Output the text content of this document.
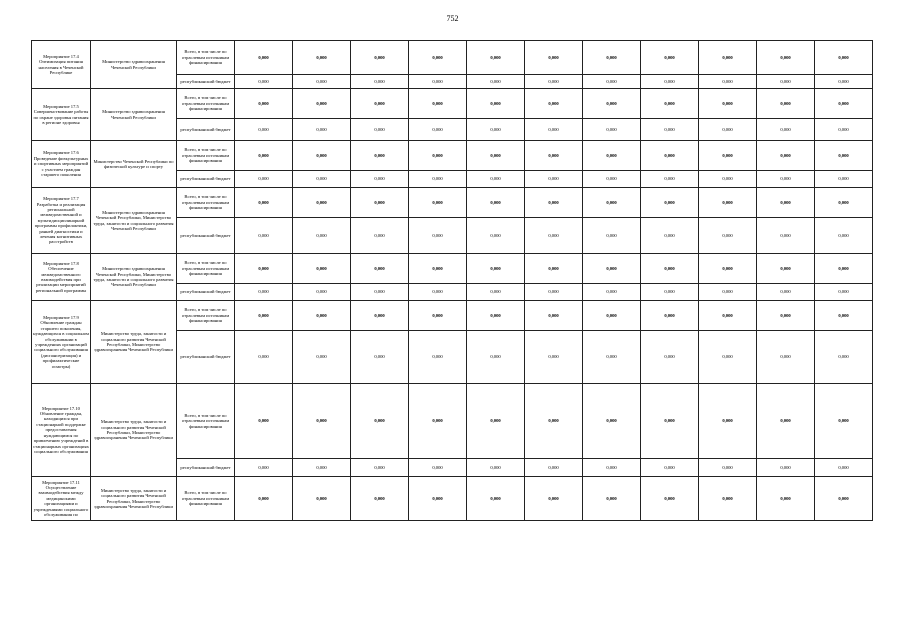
752
Мероприятие 17.4 Оптимизация питания населения в Чеченской Республике	Министерство здравоохранения Чеченской Республики	Всего, в том числе по отраслевым источникам финансирования	0,000	0,000	0,000	0,000	0,000	0,000	0,000	0,000	0,000	0,000	0,000
		республиканский бюджет	0,000	0,000	0,000	0,000	0,000	0,000	0,000	0,000	0,000	0,000	0,000
Мероприятие 17.5 Совершенствование работы по охране здоровья питания в регионе здоровья	Министерство здравоохранения Чеченской Республики	Всего, в том числе по отраслевым источникам финансирования	0,000	0,000	0,000	0,000	0,000	0,000	0,000	0,000	0,000	0,000	0,000
		республиканский бюджет	0,000	0,000	0,000	0,000	0,000	0,000	0,000	0,000	0,000	0,000	0,000
Мероприятие 17.6 Проведение физкультурных и спортивных мероприятий с участием граждан старшего поколения	Министерство Чеченской Республики по физической культуре и спорту	Всего, в том числе по отраслевым источникам финансирования	0,000	0,000	0,000	0,000	0,000	0,000	0,000	0,000	0,000	0,000	0,000
		республиканский бюджет	0,000	0,000	0,000	0,000	0,000	0,000	0,000	0,000	0,000	0,000	0,000
Мероприятие 17.7 Разработка и реализация региональной межведомственной и мультидисциплинарной программы профилактики, ранней диагностики и лечения когнитивных расстройств	Министерство здравоохранения Чеченской Республики, Министерство труда, занятости и социального развития Чеченской Республики	Всего, в том числе по отраслевым источникам финансирования	0,000	0,000	0,000	0,000	0,000	0,000	0,000	0,000	0,000	0,000	0,000
		республиканский бюджет	0,000	0,000	0,000	0,000	0,000	0,000	0,000	0,000	0,000	0,000	0,000
Мероприятие 17.8 Обеспечение межведомственного взаимодействия при реализации мероприятий региональной программы	Министерство здравоохранения Чеченской Республики, Министерство труда, занятости и социального развития Чеченской Республики	Всего, в том числе по отраслевым источникам финансирования	0,000	0,000	0,000	0,000	0,000	0,000	0,000	0,000	0,000	0,000	0,000
		республиканский бюджет	0,000	0,000	0,000	0,000	0,000	0,000	0,000	0,000	0,000	0,000	0,000
Мероприятие 17.9 Обновление граждан старшего поколения, нуждающихся в социальном обслуживании в учреждениях организаций социального обслуживания (диспансеризация) и профилактические осмотры)	Министерство труда, занятости и социального развития Чеченской Республики, Министерство здравоохранения Чеченской Республики	Всего, в том числе по отраслевым источникам финансирования	0,000	0,000	0,000	0,000	0,000	0,000	0,000	0,000	0,000	0,000	0,000
		республиканский бюджет	0,000	0,000	0,000	0,000	0,000	0,000	0,000	0,000	0,000	0,000	0,000
Мероприятие 17.10 Обновление граждан, находящихся при стационарной поддержке предоставления нуждающимся по привлечению учреждений в стационарных организациях социального обслуживания	Министерство труда, занятости и социального развития Чеченской Республики, Министерство здравоохранения Чеченской Республики	Всего, в том числе по отраслевым источникам финансирования	0,000	0,000	0,000	0,000	0,000	0,000	0,000	0,000	0,000	0,000	0,000
		республиканский бюджет	0,000	0,000	0,000	0,000	0,000	0,000	0,000	0,000	0,000	0,000	0,000
Мероприятие 17.11 Осуществление взаимодействия между медицинскими организациями и учреждениями социального обслуживания по	Министерство труда, занятости и социального развития Чеченской Республики, Министерство здравоохранения Чеченской Республики	Всего, в том числе по отраслевым источникам финансирования	0,000	0,000	0,000	0,000	0,000	0,000	0,000	0,000	0,000	0,000	0,000
